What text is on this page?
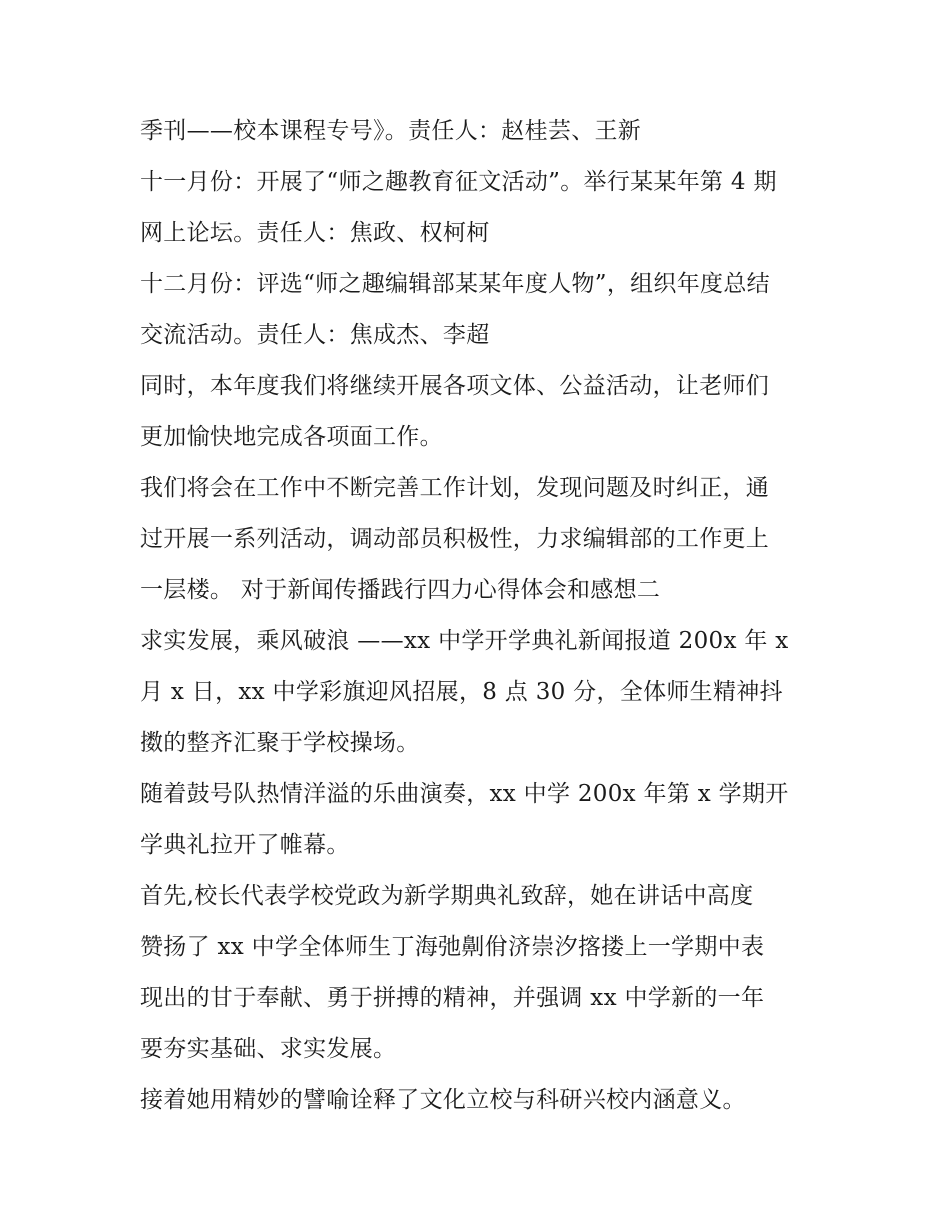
季刊——校本课程专号》。责任人：赵桂芸、王新
十一月份：开展了“师之趣教育征文活动”。举行某某年第 4 期
网上论坛。责任人：焦政、权柯柯
十二月份：评选“师之趣编辑部某某年度人物”，组织年度总结
交流活动。责任人：焦成杰、李超
同时，本年度我们将继续开展各项文体、公益活动，让老师们
更加愉快地完成各项面工作。
我们将会在工作中不断完善工作计划，发现问题及时纠正，通
过开展一系列活动，调动部员积极性，力求编辑部的工作更上
一层楼。 对于新闻传播践行四力心得体会和感想二
求实发展，乘风破浪 ——xx 中学开学典礼新闻报道 200x 年 x
月 x 日，xx 中学彩旗迎风招展，8 点 30 分，全体师生精神抖
擞的整齐汇聚于学校操场。
随着鼓号队热情洋溢的乐曲演奏，xx 中学 200x 年第 x 学期开
学典礼拉开了帷幕。
首先,校长代表学校党政为新学期典礼致辞，她在讲话中高度
赞扬了 xx 中学全体师生丁海弛劓佾济崇汐揢搂上一学期中表
现出的甘于奉献、勇于拼搏的精神，并强调 xx 中学新的一年
要夯实基础、求实发展。
接着她用精妙的譬喻诠释了文化立校与科研兴校内涵意义。
